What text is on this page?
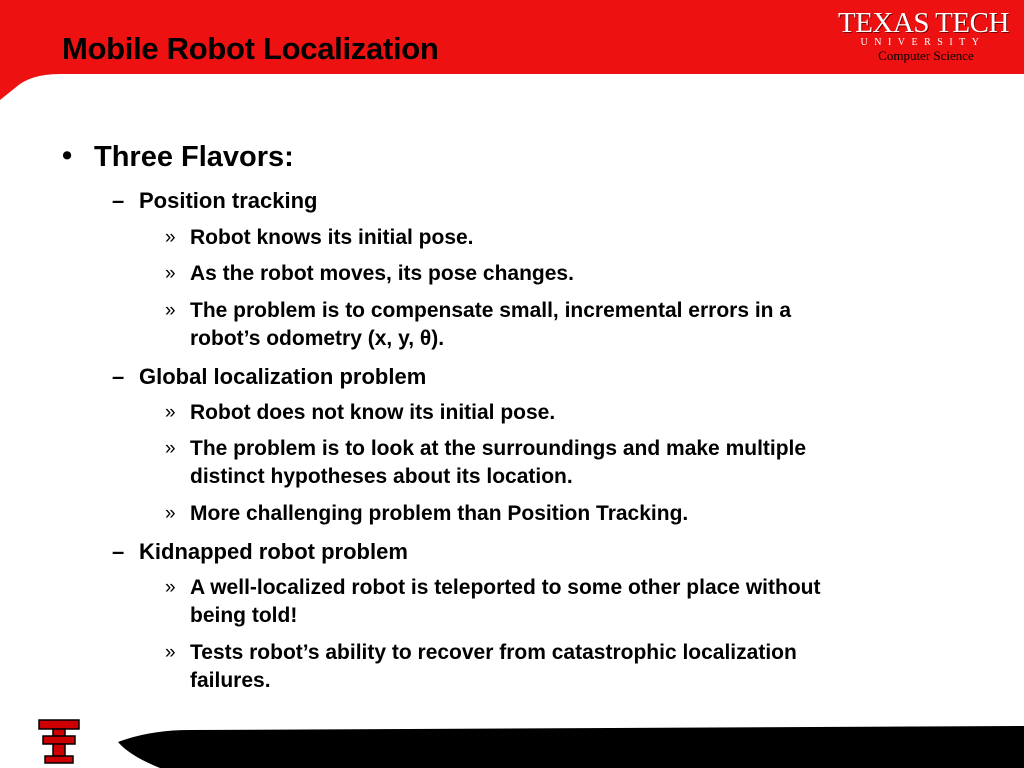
Mobile Robot Localization
TEXAS TECH
UNIVERSITY
Computer Science
• Three Flavors:
– Position tracking
» Robot knows its initial pose.
» As the robot moves, its pose changes.
» The problem is to compensate small, incremental errors in a
robot’s odometry (x, y, θ).
– Global localization problem
» Robot does not know its initial pose.
» The problem is to look at the surroundings and make multiple
distinct hypotheses about its location.
» More challenging problem than Position Tracking.
– Kidnapped robot problem
» A well-localized robot is teleported to some other place without
being told!
» Tests robot’s ability to recover from catastrophic localization
failures.
